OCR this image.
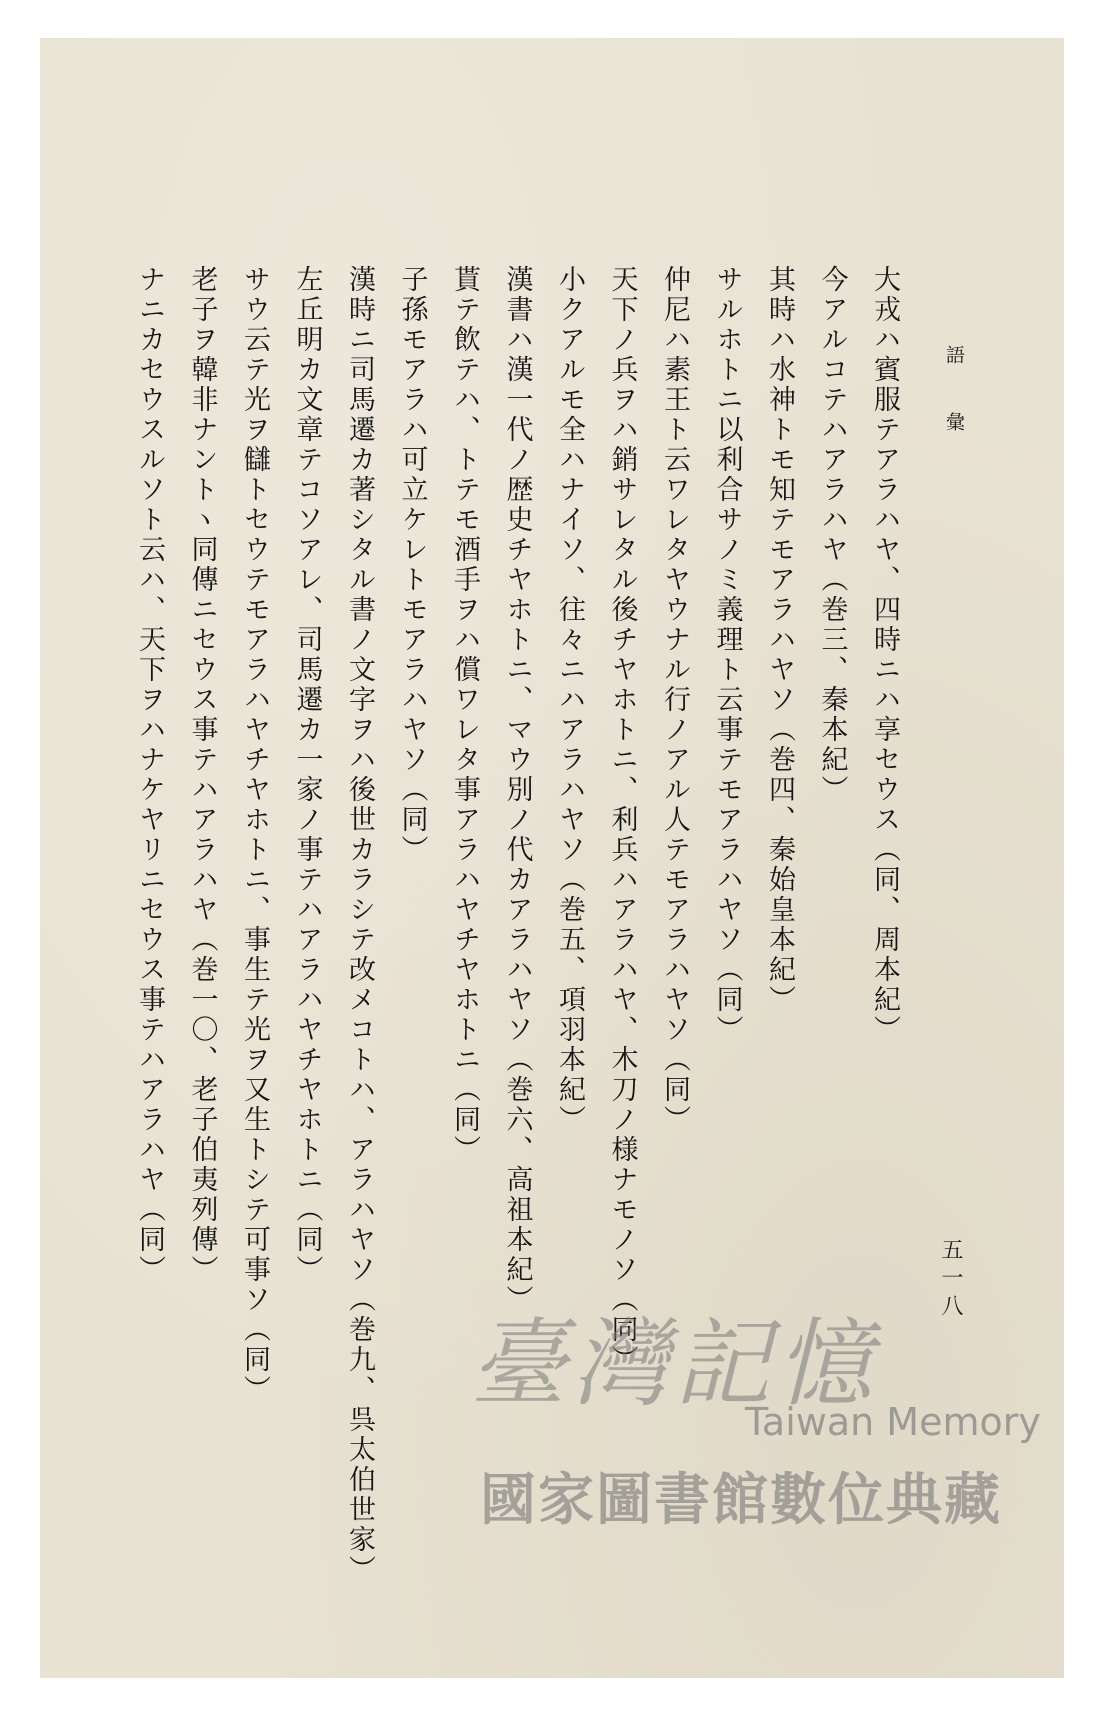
語彙
五一八
大戎ハ賓服テアラハヤ、四時ニハ享セウス（同、周本紀）
今アルコテハアラハヤ（巻三、秦本紀）
其時ハ水神トモ知テモアラハヤソ（巻四、秦始皇本紀）
サルホトニ以利合サノミ義理ト云事テモアラハヤソ（同）
仲尼ハ素王ト云ワレタヤウナル行ノアル人テモアラハヤソ（同）
天下ノ兵ヲハ銷サレタル後チヤホトニ、利兵ハアラハヤ、木刀ノ様ナモノソ（同）
小クアルモ全ハナイソ、往々ニハアラハヤソ（巻五、項羽本紀）
漢書ハ漢一代ノ歴史チヤホトニ、マウ別ノ代カアラハヤソ（巻六、高祖本紀）
貰テ飲テハ、トテモ酒手ヲハ償ワレタ事アラハヤチヤホトニ（同）
子孫モアラハ可立ケレトモアラハヤソ（同）
漢時ニ司馬遷カ著シタル書ノ文字ヲハ後世カラシテ改メコトハ、アラハヤソ（巻九、呉太伯世家）
左丘明カ文章テコソアレ、司馬遷カ一家ノ事テハアラハヤチヤホトニ（同）
サウ云テ光ヲ讎トセウテモアラハヤチヤホトニ、事生テ光ヲ又生トシテ可事ソ（同）
老子ヲ韓非ナントヽ同傳ニセウス事テハアラハヤ（巻一〇、老子伯夷列傳）
ナニカセウスルソト云ハ、天下ヲハナケヤリニセウス事テハアラハヤ（同）
臺灣記憶
Taiwan Memory
國家圖書館數位典藏
